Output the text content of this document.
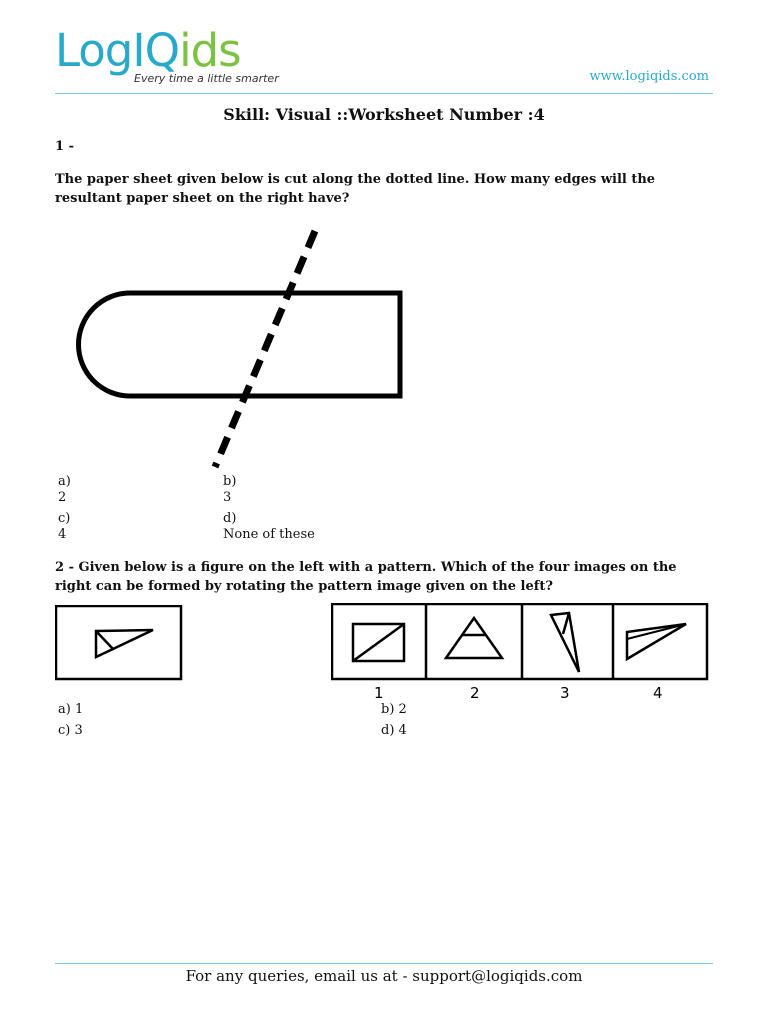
LogIQids
Every time a little smarter	www.logiqids.com
Skill: Visual ::Worksheet Number :4
1 -
The paper sheet given below is cut along the dotted line. How many edges will the resultant paper sheet on the right have?
a)
2
b)
3
c)
4
d)
None of these
2 - Given below is a figure on the left with a pattern. Which of the four images on the right can be formed by rotating the pattern image given on the left?
1	2	3	4
a) 1	b) 2
c) 3	d) 4
For any queries, email us at - support@logiqids.com
